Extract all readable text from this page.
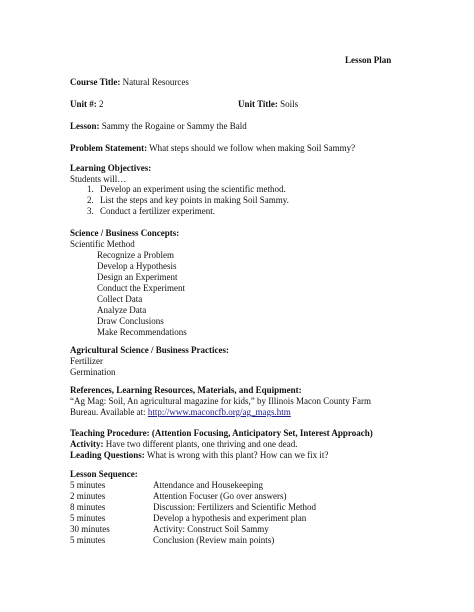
Lesson Plan
Course Title: Natural Resources
Unit #: 2	Unit Title: Soils
Lesson: Sammy the Rogaine or Sammy the Bald
Problem Statement: What steps should we follow when making Soil Sammy?
Learning Objectives:
Students will…
1. Develop an experiment using the scientific method.
2. List the steps and key points in making Soil Sammy.
3. Conduct a fertilizer experiment.
Science / Business Concepts:
Scientific Method
Recognize a Problem
Develop a Hypothesis
Design an Experiment
Conduct the Experiment
Collect Data
Analyze Data
Draw Conclusions
Make Recommendations
Agricultural Science / Business Practices:
Fertilizer
Germination
References, Learning Resources, Materials, and Equipment:
“Ag Mag: Soil, An agricultural magazine for kids,” by Illinois Macon County Farm
Bureau. Available at: http://www.maconcfb.org/ag_mags.htm
Teaching Procedure: (Attention Focusing, Anticipatory Set, Interest Approach)
Activity: Have two different plants, one thriving and one dead.
Leading Questions: What is wrong with this plant? How can we fix it?
Lesson Sequence:
5 minutes	Attendance and Housekeeping
2 minutes	Attention Focuser (Go over answers)
8 minutes	Discussion: Fertilizers and Scientific Method
5 minutes	Develop a hypothesis and experiment plan
30 minutes	Activity: Construct Soil Sammy
5 minutes	Conclusion (Review main points)
